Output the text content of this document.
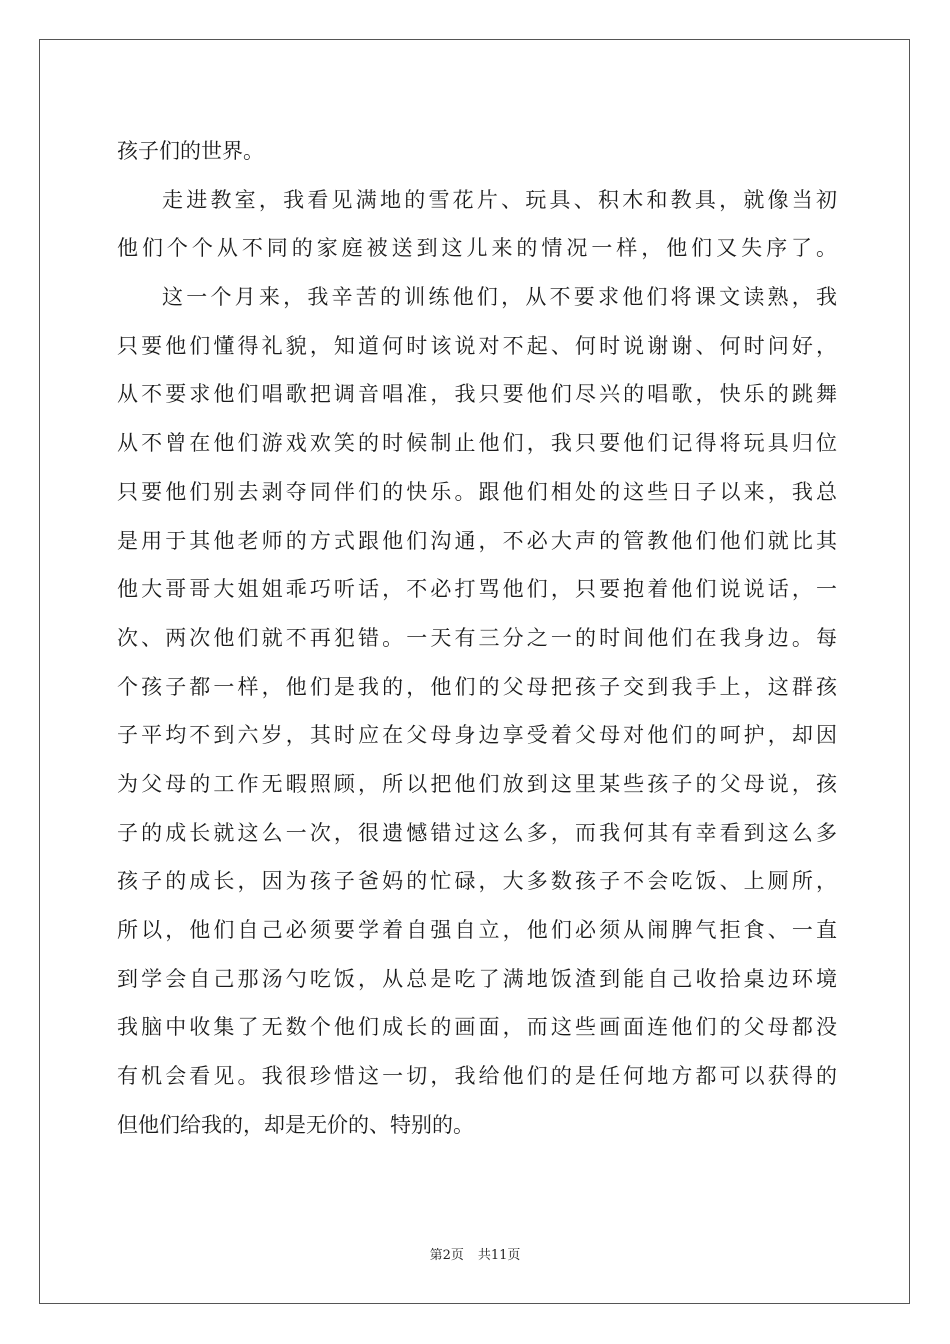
孩子们的世界。
走进教室，我看见满地的雪花片、玩具、积木和教具，就像当初
他们个个从不同的家庭被送到这儿来的情况一样，他们又失序了。
这一个月来，我辛苦的训练他们，从不要求他们将课文读熟，我
只要他们懂得礼貌，知道何时该说对不起、何时说谢谢、何时问好，
从不要求他们唱歌把调音唱准，我只要他们尽兴的唱歌，快乐的跳舞
从不曾在他们游戏欢笑的时候制止他们，我只要他们记得将玩具归位
只要他们别去剥夺同伴们的快乐。跟他们相处的这些日子以来，我总
是用于其他老师的方式跟他们沟通，不必大声的管教他们他们就比其
他大哥哥大姐姐乖巧听话，不必打骂他们，只要抱着他们说说话，一
次、两次他们就不再犯错。一天有三分之一的时间他们在我身边。每
个孩子都一样，他们是我的，他们的父母把孩子交到我手上，这群孩
子平均不到六岁，其时应在父母身边享受着父母对他们的呵护，却因
为父母的工作无暇照顾，所以把他们放到这里某些孩子的父母说，孩
子的成长就这么一次，很遗憾错过这么多，而我何其有幸看到这么多
孩子的成长，因为孩子爸妈的忙碌，大多数孩子不会吃饭、上厕所，
所以，他们自己必须要学着自强自立，他们必须从闹脾气拒食、一直
到学会自己那汤勺吃饭，从总是吃了满地饭渣到能自己收拾桌边环境
我脑中收集了无数个他们成长的画面，而这些画面连他们的父母都没
有机会看见。我很珍惜这一切，我给他们的是任何地方都可以获得的
但他们给我的，却是无价的、特别的。
第2页 共11页
